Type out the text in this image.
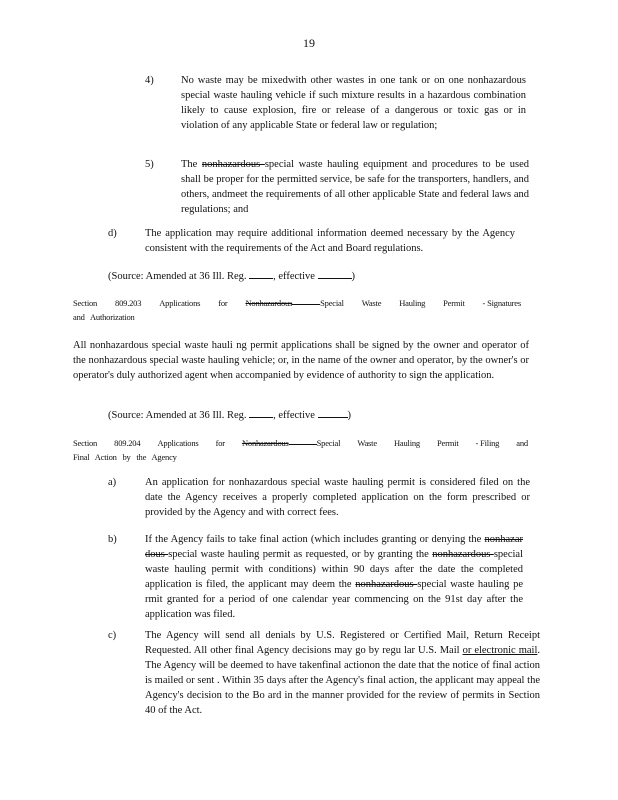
19
4)	No waste may be mixedwith other wastes in one tank or on one nonhazardous special waste hauling vehicle if such mixture results in a hazardous combination likely to cause explosion, fire or release of a dangerous or toxic gas or in violation of any applicable State or federal law or regulation;
5)	The nonhazardous special waste hauling equipment and procedures to be used shall be proper for the permitted service, be safe for the transporters, handlers, and others, andmeet the requirements of all other applicable State and federal laws and regulations; and
d)	The application may require additional information deemed necessary by the Agency consistent with the requirements of the Act and Board regulations.
(Source: Amended at 36 Ill. Reg. , effective	)
Section 809.203 Applications for Nonhazardous	Special Waste Hauling Permit - Signatures
and   Authorization
All nonhazardous special waste hauli ng permit applications shall be signed by the owner and operator of the nonhazardous special waste hauling vehicle; or, in the name of the owner and operator, by the owner's or operator's duly authorized agent when accompanied by evidence of authority to sign the application.
(Source: Amended at 36 Ill. Reg. , effective	)
Section 809.204 Applications for Nonhazardous	Special Waste Hauling Permit - Filing and
Final   Action   by   the   Agency
a)	An application for nonhazardous special waste hauling permit is considered filed on the date the Agency receives a properly completed application on the form prescribed or provided by the Agency and with correct fees.
b)	If the Agency fails to take final action (which includes granting or denying the nonhazar dous special waste hauling permit as requested, or by granting the nonhazardous special waste hauling permit with conditions) within 90 days after the date the completed application is filed, the applicant may deem the nonhazardous special waste hauling pe rmit granted for a period of one calendar year commencing on the 91st day after the application was filed.
c)	The Agency will send all denials by U.S. Registered or Certified Mail, Return Receipt Requested. All other final Agency decisions may go by regu lar U.S. Mail or electronic mail. The Agency will be deemed to have takenfinal actionon the date that the notice of final action is mailed or sent . Within 35 days after the Agency's final action, the applicant may appeal the Agency's decision to the Bo ard in the manner provided for the review of permits in Section 40 of the Act.
